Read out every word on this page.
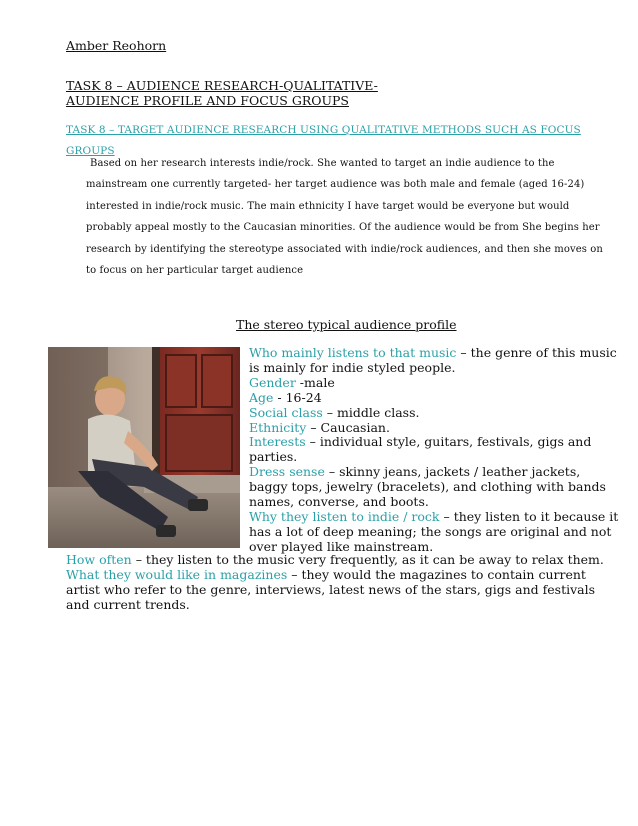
Amber Reohorn
TASK 8 – AUDIENCE RESEARCH-QUALITATIVE-
AUDIENCE PROFILE AND FOCUS GROUPS
TASK 8 – TARGET AUDIENCE RESEARCH USING QUALITATIVE METHODS SUCH AS FOCUS GROUPS
Based on her research interests indie/rock. She wanted to target an indie audience to the
mainstream one currently targeted- her target audience was both male and female (aged 16-24)
interested in indie/rock music. The main ethnicity I have target would be everyone but would
probably appeal mostly to the Caucasian minorities. Of the audience would be from She begins her
research by identifying the stereotype associated with indie/rock audiences, and then she moves on
to focus on her particular target audience
The stereo typical audience profile

Who mainly listens to that music – the genre of this music is mainly for indie styled people.

Gender -male

Age - 16-24

Social class – middle class.

Ethnicity – Caucasian.

Interests – individual style, guitars, festivals, gigs and parties.

Dress sense – skinny jeans, jackets / leather jackets, baggy tops, jewelry (bracelets), and clothing with bands names, converse, and boots.

Why they listen to indie / rock – they listen to it because it has a lot of deep meaning; the songs are original and not over played like mainstream.

How often – they listen to the music very frequently, as it can be away to relax them.

What they would like in magazines – they would the magazines to contain current artist who refer to the genre, interviews, latest news of the stars, gigs and festivals and current trends.
